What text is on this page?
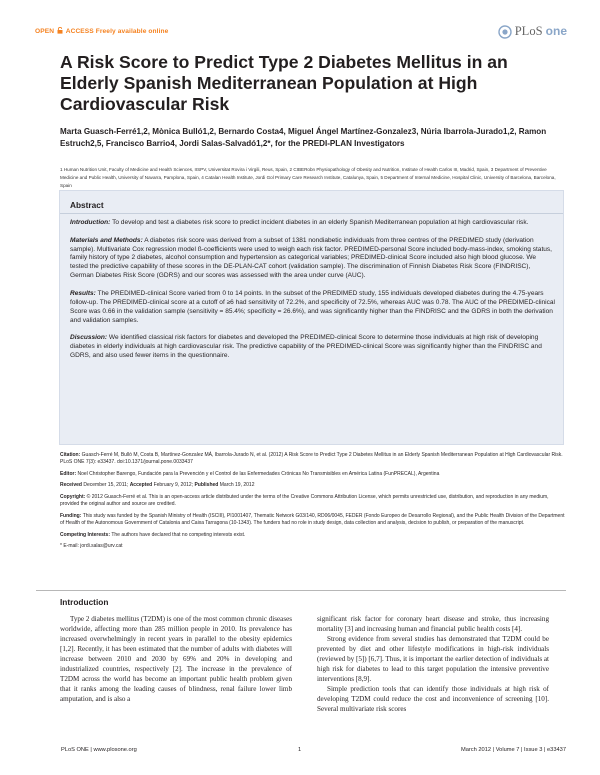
OPEN ACCESS Freely available online	PLoS one
A Risk Score to Predict Type 2 Diabetes Mellitus in an Elderly Spanish Mediterranean Population at High Cardiovascular Risk
Marta Guasch-Ferré1,2, Mònica Bulló1,2, Bernardo Costa4, Miguel Ángel Martínez-Gonzalez3, Núria Ibarrola-Jurado1,2, Ramon Estruch2,5, Francisco Barrio4, Jordi Salas-Salvadó1,2*, for the PREDI-PLAN Investigators
1 Human Nutrition Unit, Faculty of Medicine and Health Sciences, IISPV, Universitat Rovira i Virgili, Reus, Spain, 2 CIBERobn Physiopathology of Obesity and Nutrition, Institute of Health Carlos III, Madrid, Spain, 3 Department of Preventive Medicine and Public Health, University of Navarra, Pamplona, Spain, 4 Catalan Health Institute, Jordi Gol Primary Care Research Institute, Catalunya, Spain, 5 Department of Internal Medicine, Hospital Clinic, University of Barcelona, Barcelona, Spain
Abstract

Introduction: To develop and test a diabetes risk score to predict incident diabetes in an elderly Spanish Mediterranean population at high cardiovascular risk.

Materials and Methods: A diabetes risk score was derived from a subset of 1381 nondiabetic individuals from three centres of the PREDIMED study (derivation sample). Multivariate Cox regression model ß-coefficients were used to weigh each risk factor. PREDIMED-personal Score included body-mass-index, smoking status, family history of type 2 diabetes, alcohol consumption and hypertension as categorical variables; PREDIMED-clinical Score included also high blood glucose. We tested the predictive capability of these scores in the DE-PLAN-CAT cohort (validation sample). The discrimination of Finnish Diabetes Risk Score (FINDRISC), German Diabetes Risk Score (GDRS) and our scores was assessed with the area under curve (AUC).

Results: The PREDIMED-clinical Score varied from 0 to 14 points. In the subset of the PREDIMED study, 155 individuals developed diabetes during the 4.75-years follow-up. The PREDIMED-clinical score at a cutoff of ≥6 had sensitivity of 72.2%, and specificity of 72.5%, whereas AUC was 0.78. The AUC of the PREDIMED-clinical Score was 0.66 in the validation sample (sensitivity = 85.4%; specificity = 26.6%), and was significantly higher than the FINDRISC and the GDRS in both the derivation and validation samples.

Discussion: We identified classical risk factors for diabetes and developed the PREDIMED-clinical Score to determine those individuals at high risk of developing diabetes in elderly individuals at high cardiovascular risk. The predictive capability of the PREDIMED-clinical Score was significantly higher than the FINDRISC and GDRS, and also used fewer items in the questionnaire.

Citation: Guasch-Ferré M, Bulló M, Costa B, Martínez-Gonzalez MÁ, Ibarrola-Jurado N, et al. (2012) A Risk Score to Predict Type 2 Diabetes Mellitus in an Elderly Spanish Mediterranean Population at High Cardiovascular Risk. PLoS ONE 7(3): e33437. doi:10.1371/journal.pone.0033437

Editor: Noel Christopher Barengo, Fundación para la Prevención y el Control de las Enfermedades Crónicas No Transmisibles en América Latina (FunPRECAL), Argentina

Received December 15, 2011; Accepted February 9, 2012; Published March 19, 2012

Copyright: © 2012 Guasch-Ferré et al. This is an open-access article distributed under the terms of the Creative Commons Attribution License, which permits unrestricted use, distribution, and reproduction in any medium, provided the original author and source are credited.

Funding: This study was funded by the Spanish Ministry of Health (ISCIII), PI1001407, Thematic Network G03/140, RD06/0045, FEDER (Fondo Europeo de Desarrollo Regional), and the Public Health Division of the Department of Health of the Autonomous Government of Catalonia and Caixa Tarragona (10-1343). The funders had no role in study design, data collection and analysis, decision to publish, or preparation of the manuscript.

Competing Interests: The authors have declared that no competing interests exist.

* E-mail: jordi.salas@urv.cat

Introduction

Type 2 diabetes mellitus (T2DM) is one of the most common chronic diseases worldwide, affecting more than 285 million people in 2010. Its prevalence has increased overwhelmingly in recent years in parallel to the obesity epidemics [1,2]. Recently, it has been estimated that the number of adults with diabetes will increase between 2010 and 2030 by 69% and 20% in developing and industrialized countries, respectively [2]. The increase in the prevalence of T2DM across the world has become an important public health problem given that it ranks among the leading causes of blindness, renal failure lower limb amputation, and is also a

significant risk factor for coronary heart disease and stroke, thus increasing mortality [3] and increasing human and financial public health costs [4].

Strong evidence from several studies has demonstrated that T2DM could be prevented by diet and other lifestyle modifications in high-risk individuals (reviewed by [5]) [6,7]. Thus, it is important the earlier detection of individuals at high risk for diabetes to lead to this target population the intensive preventive interventions [8,9].

Simple prediction tools that can identify those individuals at high risk of developing T2DM could reduce the cost and inconvenience of screening [10]. Several multivariate risk scores

PLoS ONE | www.plosone.org	1	March 2012 | Volume 7 | Issue 3 | e33437
